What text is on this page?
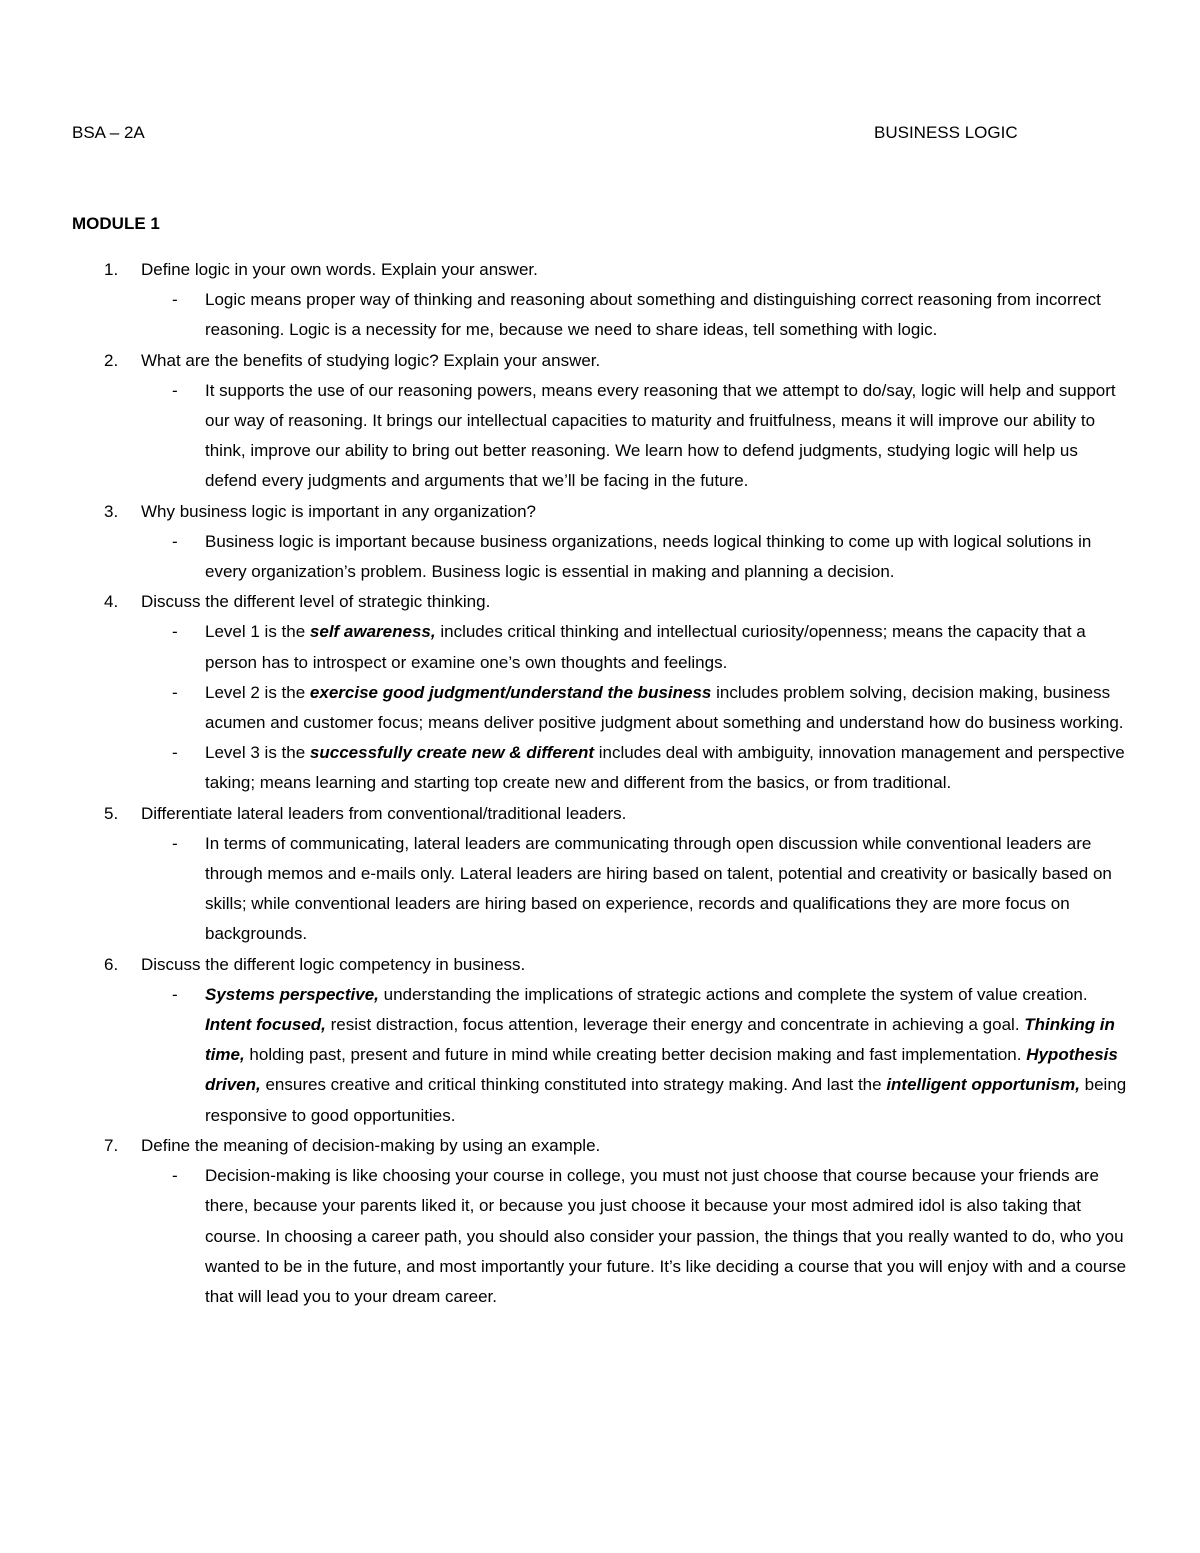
BSA – 2A	BUSINESS LOGIC
MODULE 1
1. Define logic in your own words. Explain your answer.
- Logic means proper way of thinking and reasoning about something and distinguishing correct reasoning from incorrect reasoning. Logic is a necessity for me, because we need to share ideas, tell something with logic.
2. What are the benefits of studying logic? Explain your answer.
- It supports the use of our reasoning powers, means every reasoning that we attempt to do/say, logic will help and support our way of reasoning. It brings our intellectual capacities to maturity and fruitfulness, means it will improve our ability to think, improve our ability to bring out better reasoning. We learn how to defend judgments, studying logic will help us defend every judgments and arguments that we’ll be facing in the future.
3. Why business logic is important in any organization?
- Business logic is important because business organizations, needs logical thinking to come up with logical solutions in every organization’s problem. Business logic is essential in making and planning a decision.
4. Discuss the different level of strategic thinking.
- Level 1 is the self awareness, includes critical thinking and intellectual curiosity/openness; means the capacity that a person has to introspect or examine one’s own thoughts and feelings.
- Level 2 is the exercise good judgment/understand the business includes problem solving, decision making, business acumen and customer focus; means deliver positive judgment about something and understand how do business working.
- Level 3 is the successfully create new & different includes deal with ambiguity, innovation management and perspective taking; means learning and starting top create new and different from the basics, or from traditional.
5. Differentiate lateral leaders from conventional/traditional leaders.
- In terms of communicating, lateral leaders are communicating through open discussion while conventional leaders are through memos and e-mails only. Lateral leaders are hiring based on talent, potential and creativity or basically based on skills; while conventional leaders are hiring based on experience, records and qualifications they are more focus on backgrounds.
6. Discuss the different logic competency in business.
- Systems perspective, understanding the implications of strategic actions and complete the system of value creation. Intent focused, resist distraction, focus attention, leverage their energy and concentrate in achieving a goal. Thinking in time, holding past, present and future in mind while creating better decision making and fast implementation. Hypothesis driven, ensures creative and critical thinking constituted into strategy making. And last the intelligent opportunism, being responsive to good opportunities.
7. Define the meaning of decision-making by using an example.
- Decision-making is like choosing your course in college, you must not just choose that course because your friends are there, because your parents liked it, or because you just choose it because your most admired idol is also taking that course. In choosing a career path, you should also consider your passion, the things that you really wanted to do, who you wanted to be in the future, and most importantly your future. It’s like deciding a course that you will enjoy with and a course that will lead you to your dream career.
